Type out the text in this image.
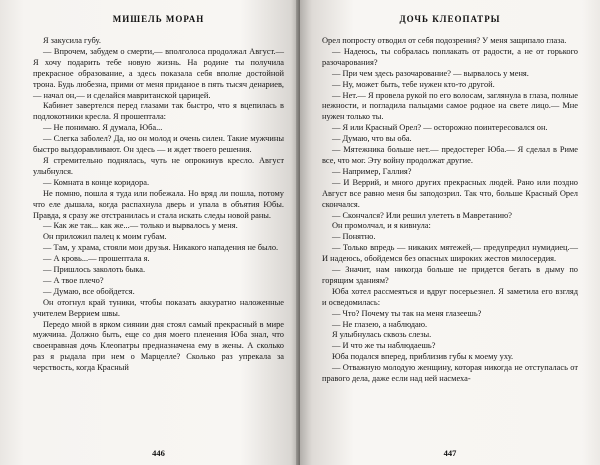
МИШЕЛЬ МОРАН

Я закусила губу.

— Впрочем, забудем о смерти,— вполголоса продолжал Август.— Я хочу подарить тебе новую жизнь. На родине ты получила прекрасное образование, а здесь показала себя вполне достойной трона. Будь любезна, прими от меня приданое в пять тысяч денариев,— начал он,— и сделайся мавританской царицей.

Кабинет завертелся перед глазами так быстро, что я вцепилась в подлокотники кресла. Я прошептала:

— Не понимаю. Я думала, Юба...

— Слегка заболел? Да, но он молод и очень силен. Такие мужчины быстро выздоравливают. Он здесь — и ждет твоего решения.

Я стремительно поднялась, чуть не опрокинув кресло. Август улыбнулся.

— Комната в конце коридора.

Не помню, пошла я туда или побежала. Но вряд ли пошла, потому что еле дышала, когда распахнула дверь и упала в объятия Юбы. Правда, я сразу же отстранилась и стала искать следы новой раны.

— Как же так... как же...— только и вырвалось у меня.

Он приложил палец к моим губам.

— Там, у храма, стояли мои друзья. Никакого нападения не было.

— А кровь...— прошептала я.

— Пришлось заколоть быка.

— А твое плечо?

— Думаю, все обойдется.

Он отогнул край туники, чтобы показать аккуратно наложенные учителем Веррием швы.

Передо мной в ярком сиянии дня стоял самый прекрасный в мире мужчина. Должно быть, еще со дня моего пленения Юба знал, что своенравная дочь Клеопатры предназначена ему в жены. А сколько раз я рыдала при нем о Марцелле? Сколько раз упрекала за черствость, когда Красный

446
ДОЧЬ КЛЕОПАТРЫ

Орел попросту отводил от себя подозрения? У меня защипало глаза.

— Надеюсь, ты собралась поплакать от радости, а не от горького разочарования?

— При чем здесь разочарование? — вырвалось у меня.

— Ну, может быть, тебе нужен кто-то другой.

— Нет.— Я провела рукой по его волосам, заглянула в глаза, полные нежности, и погладила пальцами самое родное на свете лицо.— Мне нужен только ты.

— Я или Красный Орел? — осторожно поинтересовался он.

— Думаю, что вы оба.

— Мятежника больше нет.— предостерег Юба.— Я сделал в Риме все, что мог. Эту войну продолжат другие.

— Например, Галлия?

— И Веррий, и много других прекрасных людей. Рано или поздно Август все равно меня бы заподозрил. Так что, больше Красный Орел скончался.

— Скончался? Или решил улететь в Мавретанию?

Он промолчал, и я кивнула:

— Понятно.

— Только впредь — никаких мятежей,— предупредил нумидиец.— И надеюсь, обойдемся без опасных широких жестов милосердия.

— Значит, нам никогда больше не придется бегать в дыму по горящим зданиям?

Юба хотел рассмеяться и вдруг посерьезнел. Я заметила его взгляд и осведомилась:

— Что? Почему ты так на меня глазеешь?

— Не глазею, а наблюдаю.

Я улыбнулась сквозь слезы.

— И что же ты наблюдаешь?

Юба подался вперед, приблизив губы к моему уху.

— Отважную молодую женщину, которая никогда не отступалась от правого дела, даже если над ней насмеха-

447
